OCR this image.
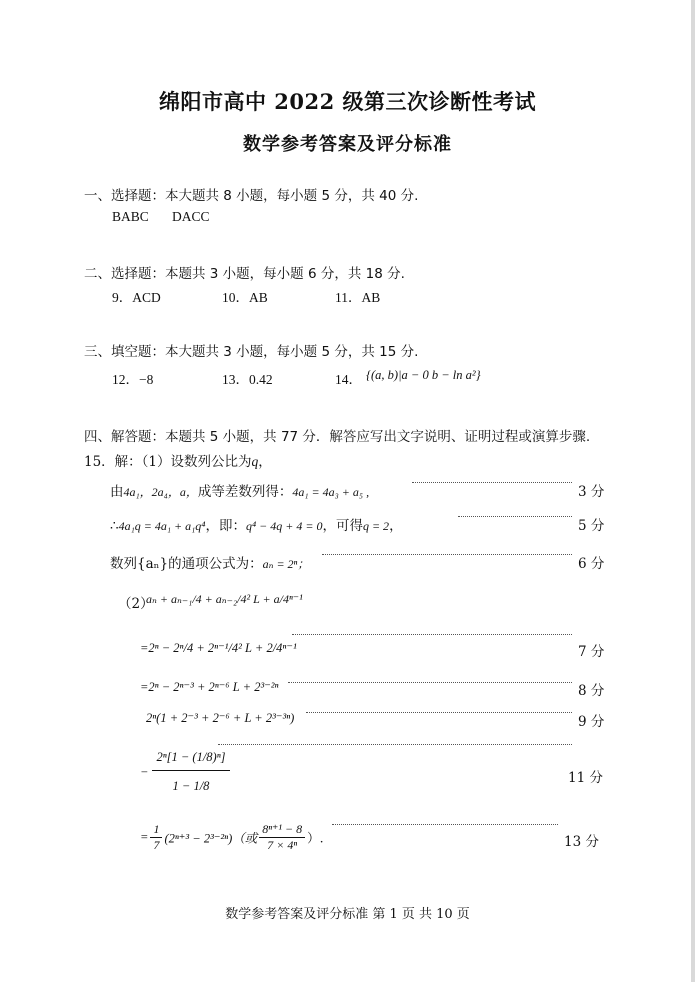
绵阳市高中 2022 级第三次诊断性考试
数学参考答案及评分标准
一、选择题：本大题共 8 小题，每小题 5 分，共 40 分.
BABC DACC
二、选择题：本题共 3 小题，每小题 6 分，共 18 分.
9．ACD	10．AB	11．AB
三、填空题：本大题共 3 小题，每小题 5 分，共 15 分.
12．−8	13．0.42	14． {(a, b)|a − 0 b − ln a²}
四、解答题：本题共 5 小题，共 77 分．解答应写出文字说明、证明过程或演算步骤.
15．解：（1）设数列公比为q，
由4a₁，2a₄，a，成等差数列得：4a₁ = 4a₃ + a₅ ,	3 分
∴4a₁q = 4a₁ + a₁q⁴，即：q⁴ − 4q + 4 = 0，可得q = 2，	5 分
数列{aₙ}的通项公式为：aₙ = 2ⁿ；	6 分
（2）
aₙ + aₙ₋₁/4 + aₙ₋₂/4² L + a/4ⁿ⁻¹
=2ⁿ − 2ⁿ/4 + 2ⁿ⁻¹/4² L + 2/4ⁿ⁻¹	7 分
=2ⁿ − 2ⁿ⁻³ + 2ⁿ⁻⁶ L + 2³⁻²ⁿ	8 分
2ⁿ(1 + 2⁻³ + 2⁻⁶ + L + 2³⁻³ⁿ)	9 分
− $\frac{\text{2ⁿ[1 − (1/8)ⁿ]}}{1 - 1/8}$	11 分
= $\frac{1}{7} (2^{n+3} - 2^{3-2n})$（或 $\frac{\text{8ⁿ⁺¹ − 8}}{\text{7 × 4ⁿ}}$ ）.	13 分
数学参考答案及评分标准 第 1 页 共 10 页
